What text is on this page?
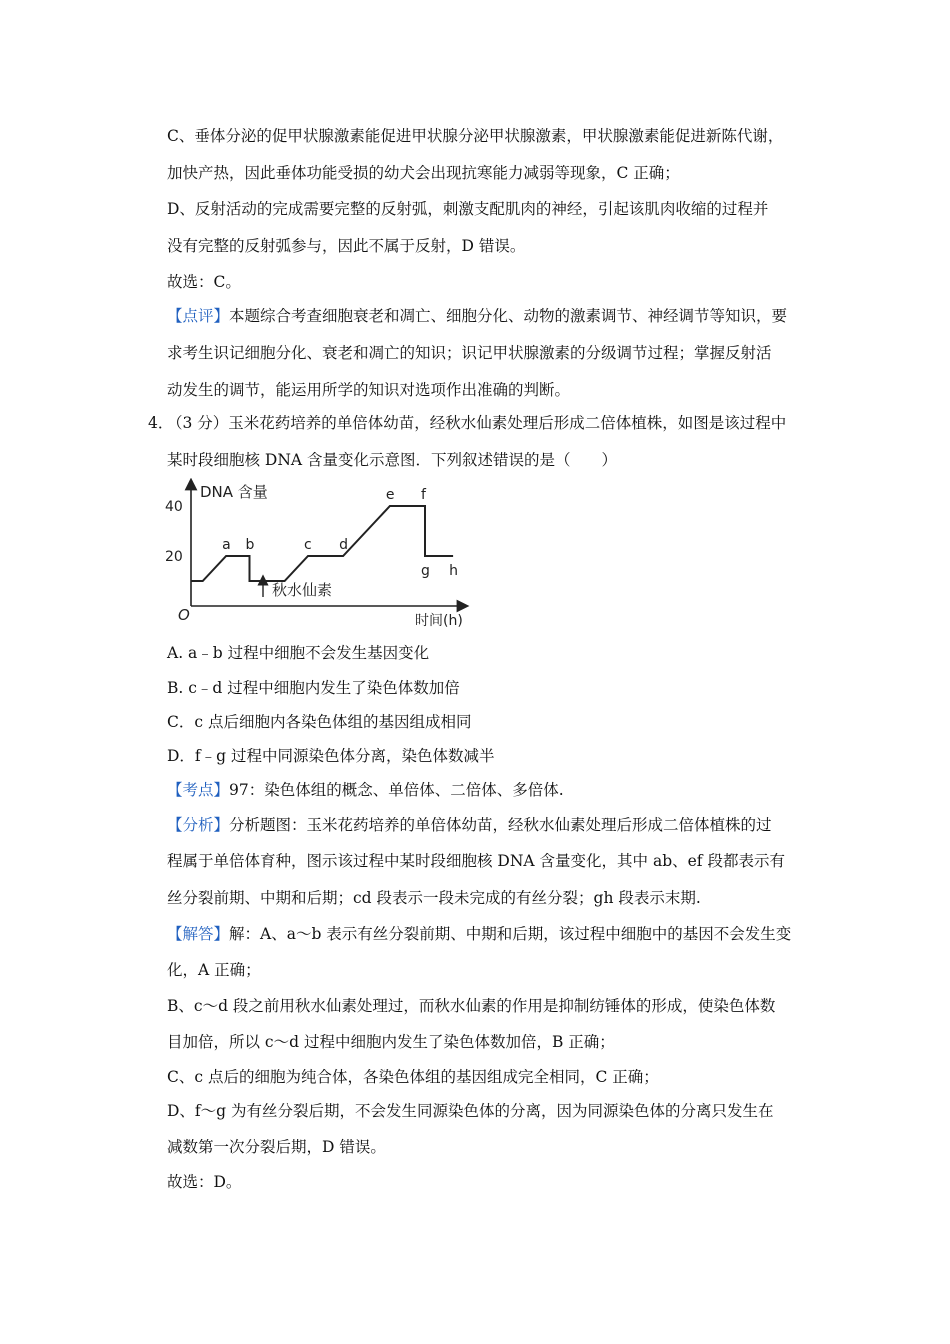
C、垂体分泌的促甲状腺激素能促进甲状腺分泌甲状腺激素，甲状腺激素能促进新陈代谢，
加快产热，因此垂体功能受损的幼犬会出现抗寒能力减弱等现象，C 正确；
D、反射活动的完成需要完整的反射弧，刺激支配肌肉的神经，引起该肌肉收缩的过程并
没有完整的反射弧参与，因此不属于反射，D 错误。
故选：C。
【点评】本题综合考查细胞衰老和凋亡、细胞分化、动物的激素调节、神经调节等知识，要
求考生识记细胞分化、衰老和凋亡的知识；识记甲状腺激素的分级调节过程；掌握反射活
动发生的调节，能运用所学的知识对选项作出准确的判断。
4．
（3 分）玉米花药培养的单倍体幼苗，经秋水仙素处理后形成二倍体植株，如图是该过程中
某时段细胞核 DNA 含量变化示意图．下列叙述错误的是（　　）
DNA 含量
时间(h)
O
20
40
a b	c d
e f
g h
秋水仙素
A. a﹣b 过程中细胞不会发生基因变化
B. c﹣d 过程中细胞内发生了染色体数加倍
C．c 点后细胞内各染色体组的基因组成相同
D．f﹣g 过程中同源染色体分离，染色体数减半
【考点】97：染色体组的概念、单倍体、二倍体、多倍体.
【分析】分析题图：玉米花药培养的单倍体幼苗，经秋水仙素处理后形成二倍体植株的过
程属于单倍体育种，图示该过程中某时段细胞核 DNA 含量变化，其中 ab、ef 段都表示有
丝分裂前期、中期和后期；cd 段表示一段未完成的有丝分裂；gh 段表示末期.
【解答】解：A、a～b 表示有丝分裂前期、中期和后期，该过程中细胞中的基因不会发生变
化，A 正确；
B、c～d 段之前用秋水仙素处理过，而秋水仙素的作用是抑制纺锤体的形成，使染色体数
目加倍，所以 c～d 过程中细胞内发生了染色体数加倍，B 正确；
C、c 点后的细胞为纯合体，各染色体组的基因组成完全相同，C 正确；
D、f～g 为有丝分裂后期，不会发生同源染色体的分离，因为同源染色体的分离只发生在
减数第一次分裂后期，D 错误。
故选：D。
